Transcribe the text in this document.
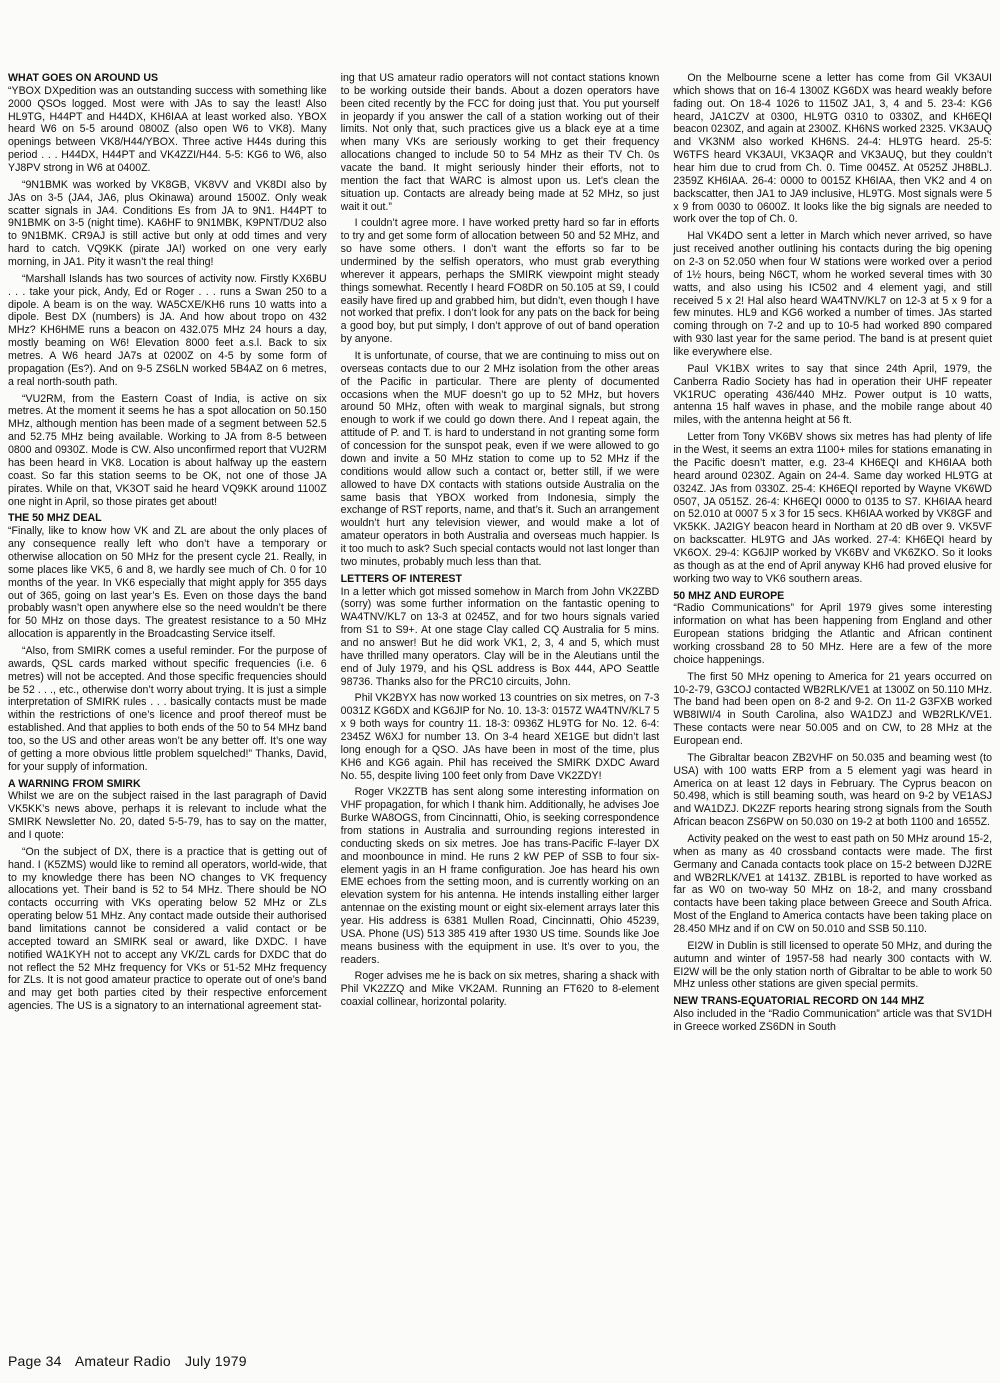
WHAT GOES ON AROUND US

“YBOX DXpedition was an outstanding success with something like 2000 QSOs logged. Most were with JAs to say the least! Also HL9TG, H44PT and H44DX, KH6IAA at least worked also. YBOX heard W6 on 5-5 around 0800Z (also open W6 to VK8). Many openings between VK8/H44/YBOX. Three active H44s during this period . . . H44DX, H44PT and VK4ZZI/H44. 5-5: KG6 to W6, also YJ8PV strong in W6 at 0400Z.

“9N1BMK was worked by VK8GB, VK8VV and VK8DI also by JAs on 3-5 (JA4, JA6, plus Okinawa) around 1500Z. Only weak scatter signals in JA4. Conditions Es from JA to 9N1. H44PT to 9N1BMK on 3-5 (night time). KA6HF to 9N1MBK, K9PNT/DU2 also to 9N1BMK. CR9AJ is still active but only at odd times and very hard to catch. VQ9KK (pirate JA!) worked on one very early morning, in JA1. Pity it wasn’t the real thing!

“Marshall Islands has two sources of activity now. Firstly KX6BU . . . take your pick, Andy, Ed or Roger . . . runs a Swan 250 to a dipole. A beam is on the way. WA5CXE/KH6 runs 10 watts into a dipole. Best DX (numbers) is JA. And how about tropo on 432 MHz? KH6HME runs a beacon on 432.075 MHz 24 hours a day, mostly beaming on W6! Elevation 8000 feet a.s.l. Back to six metres. A W6 heard JA7s at 0200Z on 4-5 by some form of propagation (Es?). And on 9-5 ZS6LN worked 5B4AZ on 6 metres, a real north-south path.

“VU2RM, from the Eastern Coast of India, is active on six metres. At the moment it seems he has a spot allocation on 50.150 MHz, although mention has been made of a segment between 52.5 and 52.75 MHz being available. Working to JA from 8-5 between 0800 and 0930Z. Mode is CW. Also unconfirmed report that VU2RM has been heard in VK8. Location is about halfway up the eastern coast. So far this station seems to be OK, not one of those JA pirates. While on that, VK3OT said he heard VQ9KK around 1100Z one night in April, so those pirates get about!

THE 50 MHZ DEAL

“Finally, like to know how VK and ZL are about the only places of any consequence really left who don’t have a temporary or otherwise allocation on 50 MHz for the present cycle 21. Really, in some places like VK5, 6 and 8, we hardly see much of Ch. 0 for 10 months of the year. In VK6 especially that might apply for 355 days out of 365, going on last year’s Es. Even on those days the band probably wasn’t open anywhere else so the need wouldn’t be there for 50 MHz on those days. The greatest resistance to a 50 MHz allocation is apparently in the Broadcasting Service itself.

“Also, from SMIRK comes a useful reminder. For the purpose of awards, QSL cards marked without specific frequencies (i.e. 6 metres) will not be accepted. And those specific frequencies should be 52 . . ., etc., otherwise don’t worry about trying. It is just a simple interpretation of SMIRK rules . . . basically contacts must be made within the restrictions of one’s licence and proof thereof must be established. And that applies to both ends of the 50 to 54 MHz band too, so the US and other areas won’t be any better off. It’s one way of getting a more obvious little problem squelched!” Thanks, David, for your supply of information.

A WARNING FROM SMIRK

Whilst we are on the subject raised in the last paragraph of David VK5KK’s news above, perhaps it is relevant to include what the SMIRK Newsletter No. 20, dated 5-5-79, has to say on the matter, and I quote:

“On the subject of DX, there is a practice that is getting out of hand. I (K5ZMS) would like to remind all operators, world-wide, that to my knowledge there has been NO changes to VK frequency allocations yet. Their band is 52 to 54 MHz. There should be NO contacts occurring with VKs operating below 52 MHz or ZLs operating below 51 MHz. Any contact made outside their authorised band limitations cannot be considered a valid contact or be accepted toward an SMIRK seal or award, like DXDC. I have notified WA1KYH not to accept any VK/ZL cards for DXDC that do not reflect the 52 MHz frequency for VKs or 51-52 MHz frequency for ZLs. It is not good amateur practice to operate out of one’s band and may get both parties cited by their respective enforcement agencies. The US is a signatory to an international agreement stat-

ing that US amateur radio operators will not contact stations known to be working outside their bands. About a dozen operators have been cited recently by the FCC for doing just that. You put yourself in jeopardy if you answer the call of a station working out of their limits. Not only that, such practices give us a black eye at a time when many VKs are seriously working to get their frequency allocations changed to include 50 to 54 MHz as their TV Ch. 0s vacate the band. It might seriously hinder their efforts, not to mention the fact that WARC is almost upon us. Let’s clean the situation up. Contacts are already being made at 52 MHz, so just wait it out.”

I couldn’t agree more. I have worked pretty hard so far in efforts to try and get some form of allocation between 50 and 52 MHz, and so have some others. I don’t want the efforts so far to be undermined by the selfish operators, who must grab everything wherever it appears, perhaps the SMIRK viewpoint might steady things somewhat. Recently I heard FO8DR on 50.105 at S9, I could easily have fired up and grabbed him, but didn’t, even though I have not worked that prefix. I don’t look for any pats on the back for being a good boy, but put simply, I don’t approve of out of band operation by anyone.

It is unfortunate, of course, that we are continuing to miss out on overseas contacts due to our 2 MHz isolation from the other areas of the Pacific in particular. There are plenty of documented occasions when the MUF doesn’t go up to 52 MHz, but hovers around 50 MHz, often with weak to marginal signals, but strong enough to work if we could go down there. And I repeat again, the attitude of P. and T. is hard to understand in not granting some form of concession for the sunspot peak, even if we were allowed to go down and invite a 50 MHz station to come up to 52 MHz if the conditions would allow such a contact or, better still, if we were allowed to have DX contacts with stations outside Australia on the same basis that YBOX worked from Indonesia, simply the exchange of RST reports, name, and that’s it. Such an arrangement wouldn’t hurt any television viewer, and would make a lot of amateur operators in both Australia and overseas much happier. Is it too much to ask? Such special contacts would not last longer than two minutes, probably much less than that.

LETTERS OF INTEREST

In a letter which got missed somehow in March from John VK2ZBD (sorry) was some further information on the fantastic opening to WA4TNV/KL7 on 13-3 at 0245Z, and for two hours signals varied from S1 to S9+. At one stage Clay called CQ Australia for 5 mins. and no answer! But he did work VK1, 2, 3, 4 and 5, which must have thrilled many operators. Clay will be in the Aleutians until the end of July 1979, and his QSL address is Box 444, APO Seattle 98736. Thanks also for the PRC10 circuits, John.

Phil VK2BYX has now worked 13 countries on six metres, on 7-3 0031Z KG6DX and KG6JIP for No. 10. 13-3: 0157Z WA4TNV/KL7 5 x 9 both ways for country 11. 18-3: 0936Z HL9TG for No. 12. 6-4: 2345Z W6XJ for number 13. On 3-4 heard XE1GE but didn’t last long enough for a QSO. JAs have been in most of the time, plus KH6 and KG6 again. Phil has received the SMIRK DXDC Award No. 55, despite living 100 feet only from Dave VK2ZDY!

Roger VK2ZTB has sent along some interesting information on VHF propagation, for which I thank him. Additionally, he advises Joe Burke WA8OGS, from Cincinnatti, Ohio, is seeking correspondence from stations in Australia and surrounding regions interested in conducting skeds on six metres. Joe has trans-Pacific F-layer DX and moonbounce in mind. He runs 2 kW PEP of SSB to four six-element yagis in an H frame configuration. Joe has heard his own EME echoes from the setting moon, and is currently working on an elevation system for his antenna. He intends installing either larger antennae on the existing mount or eight six-element arrays later this year. His address is 6381 Mullen Road, Cincinnatti, Ohio 45239, USA. Phone (US) 513 385 419 after 1930 US time. Sounds like Joe means business with the equipment in use. It’s over to you, the readers.

Roger advises me he is back on six metres, sharing a shack with Phil VK2ZZQ and Mike VK2AM. Running an FT620 to 8-element coaxial collinear, horizontal polarity.

On the Melbourne scene a letter has come from Gil VK3AUI which shows that on 16-4 1300Z KG6DX was heard weakly before fading out. On 18-4 1026 to 1150Z JA1, 3, 4 and 5. 23-4: KG6 heard, JA1CZV at 0300, HL9TG 0310 to 0330Z, and KH6EQI beacon 0230Z, and again at 2300Z. KH6NS worked 2325. VK3AUQ and VK3NM also worked KH6NS. 24-4: HL9TG heard. 25-5: W6TFS heard VK3AUI, VK3AQR and VK3AUQ, but they couldn’t hear him due to crud from Ch. 0. Time 0045Z. At 0525Z JH8BLJ. 2359Z KH6IAA. 26-4: 0000 to 0015Z KH6IAA, then VK2 and 4 on backscatter, then JA1 to JA9 inclusive, HL9TG. Most signals were 5 x 9 from 0030 to 0600Z. It looks like the big signals are needed to work over the top of Ch. 0.

Hal VK4DO sent a letter in March which never arrived, so have just received another outlining his contacts during the big opening on 2-3 on 52.050 when four W stations were worked over a period of 1½ hours, being N6CT, whom he worked several times with 30 watts, and also using his IC502 and 4 element yagi, and still received 5 x 2! Hal also heard WA4TNV/KL7 on 12-3 at 5 x 9 for a few minutes. HL9 and KG6 worked a number of times. JAs started coming through on 7-2 and up to 10-5 had worked 890 compared with 930 last year for the same period. The band is at present quiet like everywhere else.

Paul VK1BX writes to say that since 24th April, 1979, the Canberra Radio Society has had in operation their UHF repeater VK1RUC operating 436/440 MHz. Power output is 10 watts, antenna 15 half waves in phase, and the mobile range about 40 miles, with the antenna height at 56 ft.

Letter from Tony VK6BV shows six metres has had plenty of life in the West, it seems an extra 1100+ miles for stations emanating in the Pacific doesn’t matter, e.g. 23-4 KH6EQI and KH6IAA both heard around 0230Z. Again on 24-4. Same day worked HL9TG at 0324Z. JAs from 0330Z. 25-4: KH6EQI reported by Wayne VK6WD 0507, JA 0515Z. 26-4: KH6EQI 0000 to 0135 to S7. KH6IAA heard on 52.010 at 0007 5 x 3 for 15 secs. KH6IAA worked by VK8GF and VK5KK. JA2IGY beacon heard in Northam at 20 dB over 9. VK5VF on backscatter. HL9TG and JAs worked. 27-4: KH6EQI heard by VK6OX. 29-4: KG6JIP worked by VK6BV and VK6ZKO. So it looks as though as at the end of April anyway KH6 had proved elusive for working two way to VK6 southern areas.

50 MHZ AND EUROPE

“Radio Communications” for April 1979 gives some interesting information on what has been happening from England and other European stations bridging the Atlantic and African continent working crossband 28 to 50 MHz. Here are a few of the more choice happenings.

The first 50 MHz opening to America for 21 years occurred on 10-2-79, G3COJ contacted WB2RLK/VE1 at 1300Z on 50.110 MHz. The band had been open on 8-2 and 9-2. On 11-2 G3FXB worked WB8IWI/4 in South Carolina, also WA1DZJ and WB2RLK/VE1. These contacts were near 50.005 and on CW, to 28 MHz at the European end.

The Gibraltar beacon ZB2VHF on 50.035 and beaming west (to USA) with 100 watts ERP from a 5 element yagi was heard in America on at least 12 days in February. The Cyprus beacon on 50.498, which is still beaming south, was heard on 9-2 by VE1ASJ and WA1DZJ. DK2ZF reports hearing strong signals from the South African beacon ZS6PW on 50.030 on 19-2 at both 1100 and 1655Z.

Activity peaked on the west to east path on 50 MHz around 15-2, when as many as 40 crossband contacts were made. The first Germany and Canada contacts took place on 15-2 between DJ2RE and WB2RLK/VE1 at 1413Z. ZB1BL is reported to have worked as far as W0 on two-way 50 MHz on 18-2, and many crossband contacts have been taking place between Greece and South Africa. Most of the England to America contacts have been taking place on 28.450 MHz and if on CW on 50.010 and SSB 50.110.

EI2W in Dublin is still licensed to operate 50 MHz, and during the autumn and winter of 1957-58 had nearly 300 contacts with W. EI2W will be the only station north of Gibraltar to be able to work 50 MHz unless other stations are given special permits.

NEW TRANS-EQUATORIAL RECORD ON 144 MHZ

Also included in the “Radio Communication” article was that SV1DH in Greece worked ZS6DN in South

Page 34 Amateur Radio July 1979
